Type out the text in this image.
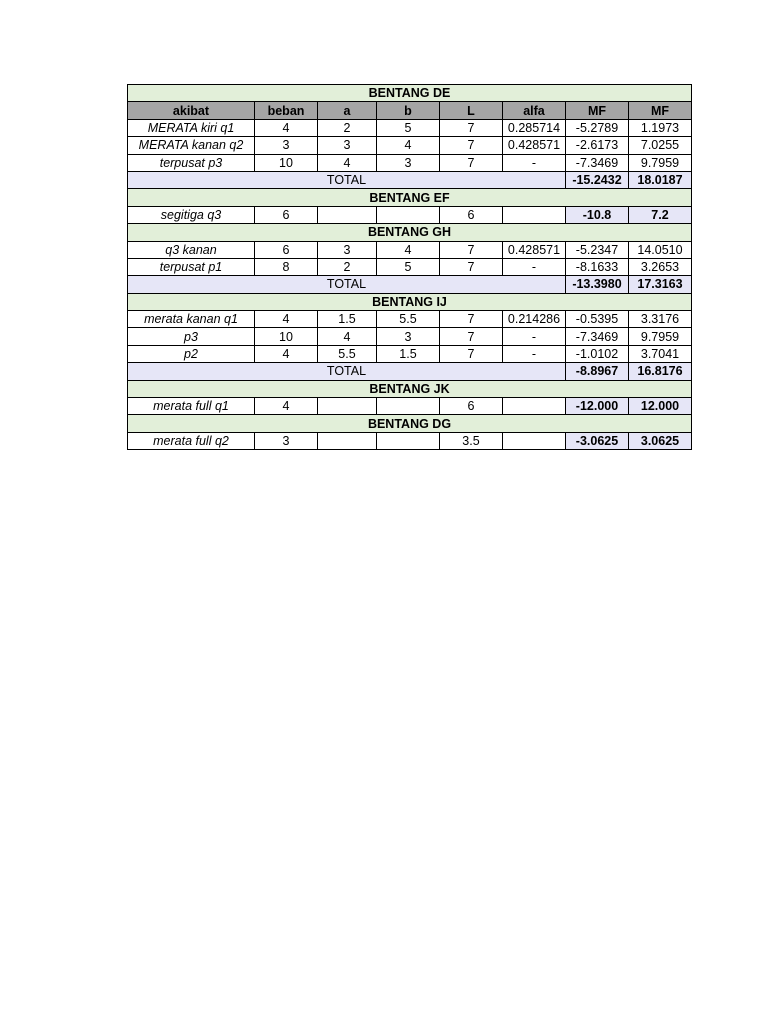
BENTANG DE							
akibat	beban	a	b	L	alfa	MF	MF
MERATA kiri q1	4	2	5	7	0.285714	-5.2789	1.1973
MERATA kanan q2	3	3	4	7	0.428571	-2.6173	7.0255
terpusat p3	10	4	3	7	-	-7.3469	9.7959
TOTAL						-15.2432	18.0187
BENTANG EF							
segitiga q3	6			6		-10.8	7.2
BENTANG GH							
q3 kanan	6	3	4	7	0.428571	-5.2347	14.0510
terpusat p1	8	2	5	7	-	-8.1633	3.2653
TOTAL						-13.3980	17.3163
BENTANG IJ							
merata kanan q1	4	1.5	5.5	7	0.214286	-0.5395	3.3176
p3	10	4	3	7	-	-7.3469	9.7959
p2	4	5.5	1.5	7	-	-1.0102	3.7041
TOTAL						-8.8967	16.8176
BENTANG JK							
merata full q1	4			6		-12.000	12.000
BENTANG DG							
merata full q2	3			3.5		-3.0625	3.0625
